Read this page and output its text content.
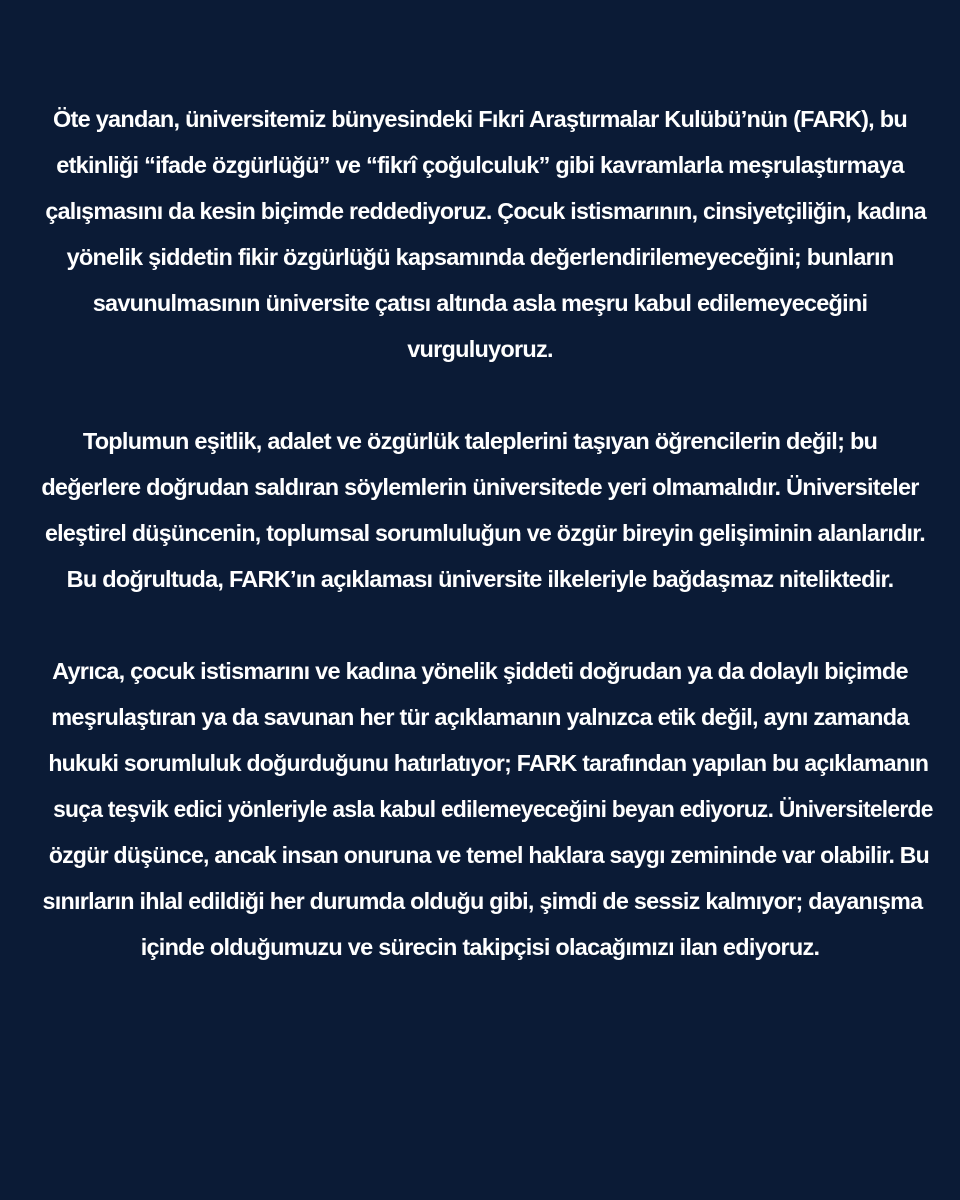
Öte yandan, üniversitemiz bünyesindeki Fıkri Araştırmalar Kulübü’nün (FARK), bu
etkinliği “ifade özgürlüğü” ve “fikrî çoğulculuk” gibi kavramlarla meşrulaştırmaya
çalışmasını da kesin biçimde reddediyoruz. Çocuk istismarının, cinsiyetçiliğin, kadına
yönelik şiddetin fikir özgürlüğü kapsamında değerlendirilemeyeceğini; bunların
savunulmasının üniversite çatısı altında asla meşru kabul edilemeyeceğini
vurguluyoruz.

Toplumun eşitlik, adalet ve özgürlük taleplerini taşıyan öğrencilerin değil; bu
değerlere doğrudan saldıran söylemlerin üniversitede yeri olmamalıdır. Üniversiteler
eleştirel düşüncenin, toplumsal sorumluluğun ve özgür bireyin gelişiminin alanlarıdır.
Bu doğrultuda, FARK’ın açıklaması üniversite ilkeleriyle bağdaşmaz niteliktedir.

Ayrıca, çocuk istismarını ve kadına yönelik şiddeti doğrudan ya da dolaylı biçimde
meşrulaştıran ya da savunan her tür açıklamanın yalnızca etik değil, aynı zamanda
hukuki sorumluluk doğurduğunu hatırlatıyor; FARK tarafından yapılan bu açıklamanın
suça teşvik edici yönleriyle asla kabul edilemeyeceğini beyan ediyoruz. Üniversitelerde
özgür düşünce, ancak insan onuruna ve temel haklara saygı zemininde var olabilir. Bu
sınırların ihlal edildiği her durumda olduğu gibi, şimdi de sessiz kalmıyor; dayanışma
içinde olduğumuzu ve sürecin takipçisi olacağımızı ilan ediyoruz.
